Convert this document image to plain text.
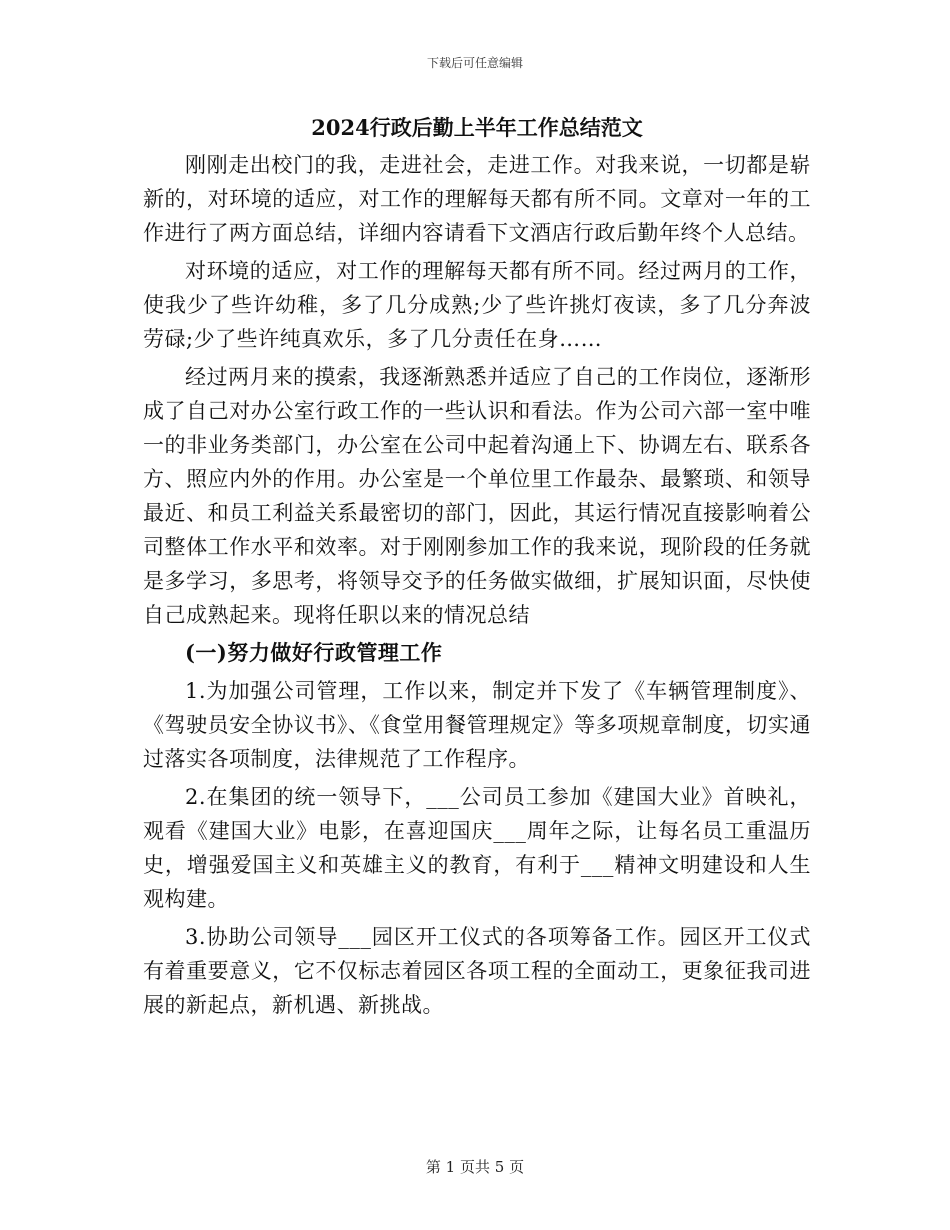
下载后可任意编辑
2024行政后勤上半年工作总结范文

刚刚走出校门的我，走进社会，走进工作。对我来说，一切都是崭新的，对环境的适应，对工作的理解每天都有所不同。文章对一年的工作进行了两方面总结，详细内容请看下文酒店行政后勤年终个人总结。

对环境的适应，对工作的理解每天都有所不同。经过两月的工作，使我少了些许幼稚，多了几分成熟;少了些许挑灯夜读，多了几分奔波劳碌;少了些许纯真欢乐，多了几分责任在身……

经过两月来的摸索，我逐渐熟悉并适应了自己的工作岗位，逐渐形成了自己对办公室行政工作的一些认识和看法。作为公司六部一室中唯一的非业务类部门，办公室在公司中起着沟通上下、协调左右、联系各方、照应内外的作用。办公室是一个单位里工作最杂、最繁琐、和领导最近、和员工利益关系最密切的部门，因此，其运行情况直接影响着公司整体工作水平和效率。对于刚刚参加工作的我来说，现阶段的任务就是多学习，多思考，将领导交予的任务做实做细，扩展知识面，尽快使自己成熟起来。现将任职以来的情况总结

(一)努力做好行政管理工作

1.为加强公司管理，工作以来，制定并下发了《车辆管理制度》、《驾驶员安全协议书》、《食堂用餐管理规定》等多项规章制度，切实通过落实各项制度，法律规范了工作程序。

2.在集团的统一领导下，___公司员工参加《建国大业》首映礼，观看《建国大业》电影，在喜迎国庆___周年之际，让每名员工重温历史，增强爱国主义和英雄主义的教育，有利于___精神文明建设和人生观构建。

3.协助公司领导___园区开工仪式的各项筹备工作。园区开工仪式有着重要意义，它不仅标志着园区各项工程的全面动工，更象征我司进展的新起点，新机遇、新挑战。

第 1 页共 5 页
